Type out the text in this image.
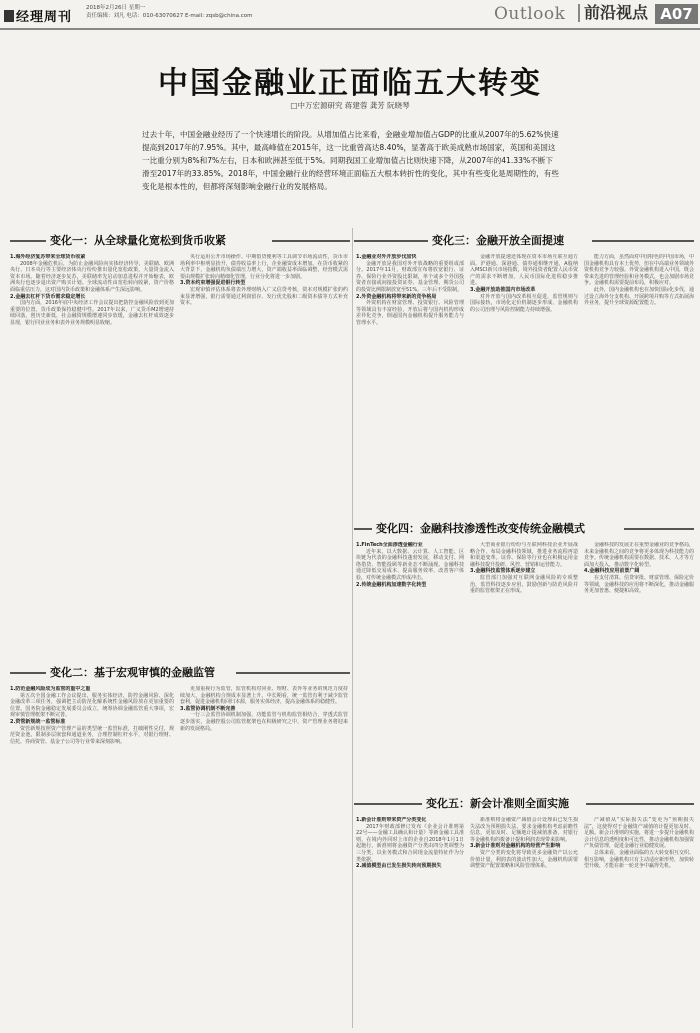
经理周刊
2018年2月26日 星期一
责任编辑：刘凡 电话：010-63070627 E-mail: zqsb@china.com	Outlook	前沿视点 A07
中国金融业正面临五大转变
□中万宏源研究 蒋建蓉 龚芳 阮晓琴

过去十年，中国金融业经历了一个快速增长的阶段。从增加值占比来看，金融业增加值占GDP的比重从2007年的5.62%快速提高到2017年的7.95%。其中，最高峰值在2015年，这一比重曾高达8.40%，显著高于欧美成熟市场国家，英国和美国这一比重分别为8%和7%左右，日本和欧洲甚至低于5%。同期我国工业增加值占比则快速下降，从2007年的41.33%不断下滑至2017年的33.85%。2018年，中国金融行业的经营环境正面临五大根本转折性的变化，其中有些变化是周期性的，有些变化是根本性的，但都将深刻影响金融行业的发展格局。

变化一：从全球量化宽松到货币收紧
变化二：基于宏观审慎的金融监管
变化三：金融开放全面提速
变化四：金融科技渗透性改变传统金融模式
变化五：新会计准则全面实施

1.海外经济复苏带来全球货币收紧

2008年金融危机后，为防止金融风险向实体经济传导，美联储、欧洲央行、日本央行等主要经济体央行纷纷推出量化宽松政策，大量资金流入资本市场。随着经济逐步复苏，美联储率先启动加息进程并开始缩表，欧洲央行也逐步退出资产购买计划。全球流动性由宽松转向收紧，资产价格面临重估压力，这对国内货币政策和金融体系产生深远影响。

2.金融去杠杆下货币需求稳定增长

国内方面，2016年底中央经济工作会议提出把防控金融风险放到更加重要的位置，货币政策保持稳健中性。2017年以来，广义货币M2增速持续回落，创历史新低，社会融资规模增速同步放缓，金融去杠杆成效逐步显现，银行同业业务和表外业务规模明显收缩。

央行运用公开市场操作、中期借贷便利等工具调节市场流动性，货币市场利率中枢明显抬升，债券收益率上行，企业融资成本增加。在货币收紧的大背景下，金融机构负债端压力增大，资产端收益率面临调整，经营模式需要由规模扩张转向精细化管理，行业分化将进一步加剧。

3.资本约束增强促进银行转型

宏观审慎评估体系将表外理财纳入广义信贷考核，资本对规模扩张的约束显著增强，银行需要通过利润留存、发行优先股和二级资本债等方式补充资本。

1.防范金融风险成为监管的重中之重

第五次全国金融工作会议提出，服务实体经济、防控金融风险、深化金融改革三项任务，强调把主动防范化解系统性金融风险放在更加重要的位置。国务院金融稳定发展委员会成立，统筹协调金融监管重大事项，宏观审慎管理框架不断完善。

2.资管新规统一监管标准

资管新规按照资产管理产品的类型统一监管标准，打破刚性兑付，规范资金池，限制多层嵌套和通道业务，合理控制杠杆水平，对银行理财、信托、券商资管、基金子公司等行业带来深刻影响。

更加重视行为监管，监管机构对同业、理财、表外等业务的规范力度持续加大，金融机构合规成本显著上升。中长期看，统一监管有利于减少监管套利，促进金融机构回归本源，服务实体经济，提高金融体系的稳健性。

3.监管协调机制不断完善

一行三会监管协调机制加强，功能监管与机构监管相结合，穿透式监管逐步落实，金融控股公司监管框架也在积极研究之中，资产管理业务将迎来新的发展格局。

1.金融业对外开放步伐加快

金融开放是我国对外开放战略的重要组成部分。2017年11月，财政部宣布将放宽银行、证券、保险行业外资股比限制，单个或多个外国投资者直接或间接投资证券、基金管理、期货公司的投资比例限制放宽至51%，三年后不受限制。

2.外资金融机构将带来新的竞争格局

外资机构在财富管理、投资银行、风险管理等领域具有丰富经验，开放后将与国内机构形成差异化竞争，倒逼国内金融机构提升服务能力与管理水平。

金融开放提速还体现在资本市场互联互通方面，沪港通、深港通、债券通相继开通，A股纳入MSCI新兴市场指数，境外投资者配置人民币资产的需求不断增加，人民币国际化进程稳步推进。

3.金融开放助推国内市场改革

对外开放与国内改革相互促进，监管规则与国际接轨，市场化定价机制逐步形成，金融机构的公司治理与风险控制能力持续增强。

能力方面，虽然面对中国特色的中国市场，中国金融机构具有本土优势，但在中高端业务领域外资机构竞争力较强。外资金融机构进入中国，既会带来先进的管理经验和业务模式，也会加剧市场竞争。金融机构需要提前布局，积极应对。

此外，国内金融机构也在加快国际化步伐，通过设立海外分支机构、开展跨境并购等方式拓展海外业务，提升全球资源配置能力。

1.FinTech全面渗透金融行业

近年来，以大数据、云计算、人工智能、区块链为代表的金融科技蓬勃发展，移动支付、网络借贷、智能投顾等新业态不断涌现。金融科技通过降低交易成本、提高服务效率、改善客户体验，对传统金融模式形成冲击。

2.传统金融机构加速数字化转型

大型商业银行纷纷与互联网科技企业开展战略合作，布局金融科技领域，推进业务流程再造和渠道变革。证券、保险等行业也在积极运用金融科技提升投研、风控、营销和运营能力。

3.金融科技监管体系逐步建立

监管部门加强对互联网金融风险的专项整治，监管科技逐步应用，鼓励创新与防范风险并重的监管框架正在形成。

金融科技的发展正在重塑金融业的竞争格局，未来金融机构之间的竞争将更多体现为科技能力的竞争。传统金融机构需要在数据、技术、人才等方面加大投入，推动数字化转型。

4.金融科技应用前景广阔

在支付清算、信贷审批、财富管理、保险定价等领域，金融科技的应用将不断深化，推动金融服务更加普惠、便捷和高效。

1.新会计准则带来资产分类变化

2017年财政部修订发布《企业会计准则第22号——金融工具确认和计量》等新金融工具准则，在境内外同时上市的企业自2018年1月1日起施行。新准则将金融资产分类由四分类调整为三分类，以业务模式和合同现金流量特征作为分类依据。

2.减值模型由已发生损失转向预期损失

新准则将金融资产减值会计处理由已发生损失法改为预期损失法，要求金融机构考虑前瞻性信息，更加及时、足额地计提减值准备，对银行等金融机构的拨备计提和利润表现带来影响。

3.新会计准则对金融机构的经营产生影响

资产分类的变化将导致更多金融资产以公允价值计量，利润表的波动性加大，金融机构需要调整资产配置策略和风险管理体系。

产减值从“实际损失法”变更为“预期损失法”，这使得对于金融资产减值的计提更加及时、足额。新会计准则的实施，将进一步提升金融机构会计信息的透明度和可比性，推动金融机构加强资产负债管理，促进金融行业稳健发展。

总体来看，金融业面临的五大转变相互交织、相互影响，金融机构只有主动适应新形势，加快转型升级，才能在新一轮竞争中赢得先机。
